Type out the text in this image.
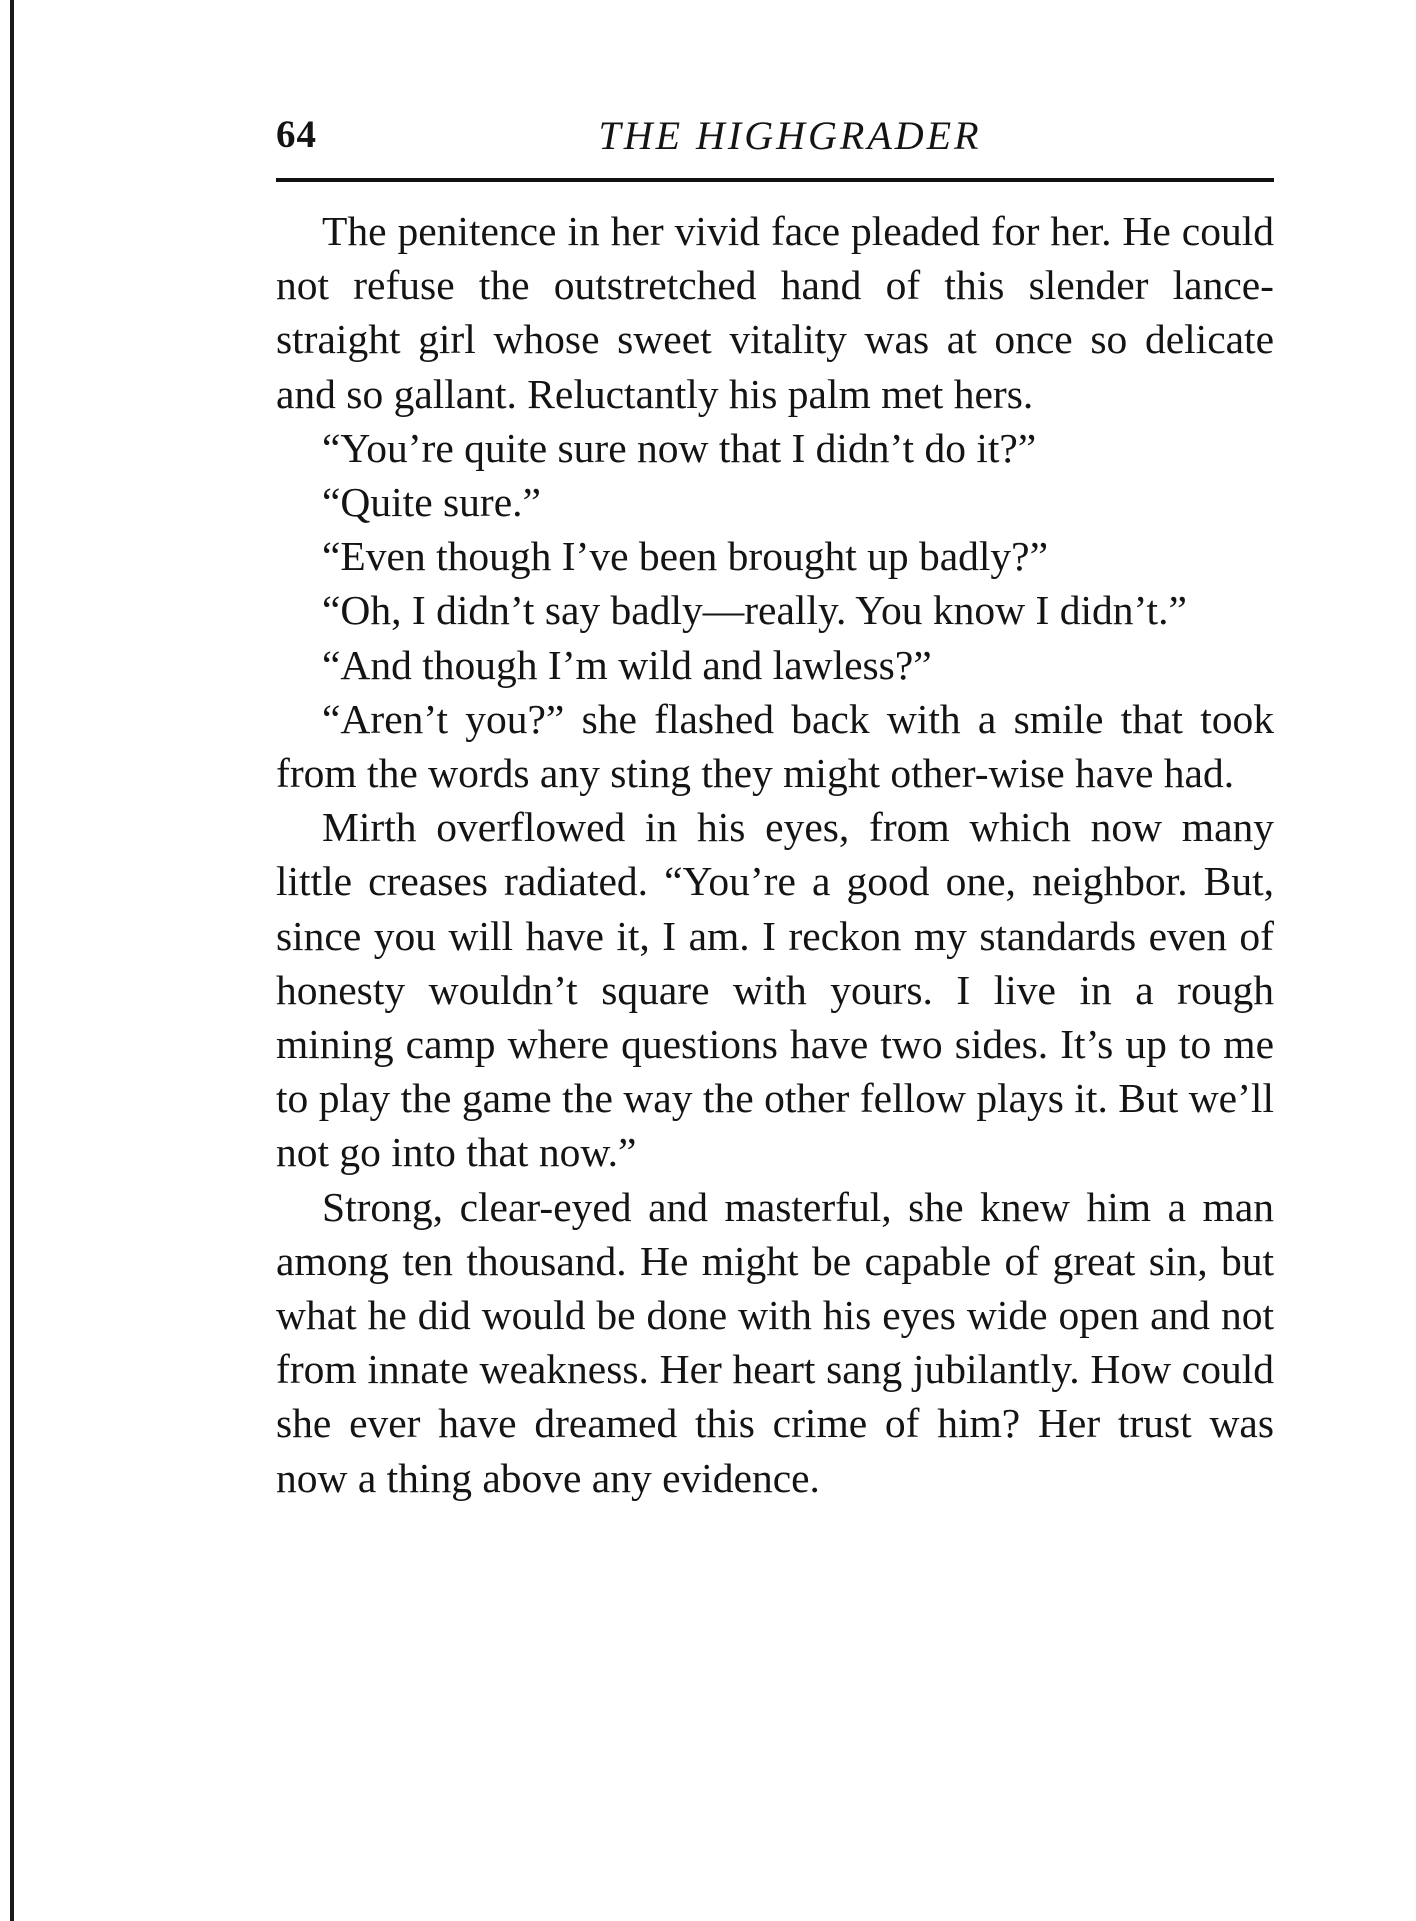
64	THE HIGHGRADER

The penitence in her vivid face pleaded for her. He could not refuse the outstretched hand of this slender lance-straight girl whose sweet vitality was at once so delicate and so gallant. Reluctantly his palm met hers.

“You’re quite sure now that I didn’t do it?”

“Quite sure.”

“Even though I’ve been brought up badly?”

“Oh, I didn’t say badly—really. You know I didn’t.”

“And though I’m wild and lawless?”

“Aren’t you?” she flashed back with a smile that took from the words any sting they might other-wise have had.

Mirth overflowed in his eyes, from which now many little creases radiated. “You’re a good one, neighbor. But, since you will have it, I am. I reckon my standards even of honesty wouldn’t square with yours. I live in a rough mining camp where questions have two sides. It’s up to me to play the game the way the other fellow plays it. But we’ll not go into that now.”

Strong, clear-eyed and masterful, she knew him a man among ten thousand. He might be capable of great sin, but what he did would be done with his eyes wide open and not from innate weakness. Her heart sang jubilantly. How could she ever have dreamed this crime of him? Her trust was now a thing above any evidence.
